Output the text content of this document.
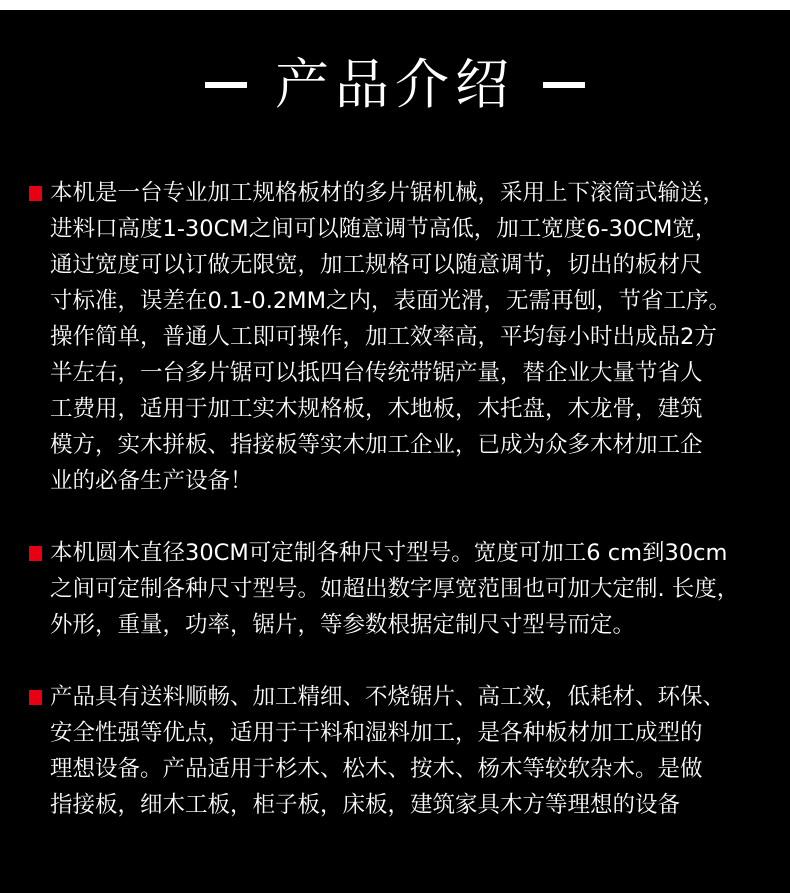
产品介绍
本机是一台专业加工规格板材的多片锯机械，采用上下滚筒式输送，
进料口高度1-30CM之间可以随意调节高低，加工宽度6-30CM宽，
通过宽度可以订做无限宽，加工规格可以随意调节，切出的板材尺
寸标准，误差在0.1-0.2MM之内，表面光滑，无需再刨，节省工序。
操作简单，普通人工即可操作，加工效率高，平均每小时出成品2方
半左右，一台多片锯可以抵四台传统带锯产量，替企业大量节省人
工费用，适用于加工实木规格板，木地板，木托盘，木龙骨，建筑
模方，实木拼板、指接板等实木加工企业，已成为众多木材加工企
业的必备生产设备！
本机圆木直径30CM可定制各种尺寸型号。宽度可加工6 cm到30cm
之间可定制各种尺寸型号。如超出数字厚宽范围也可加大定制. 长度，
外形，重量，功率，锯片，等参数根据定制尺寸型号而定。
产品具有送料顺畅、加工精细、不烧锯片、高工效，低耗材、环保、
安全性强等优点，适用于干料和湿料加工，是各种板材加工成型的
理想设备。产品适用于杉木、松木、按木、杨木等较软杂木。是做
指接板，细木工板，柜子板，床板，建筑家具木方等理想的设备
